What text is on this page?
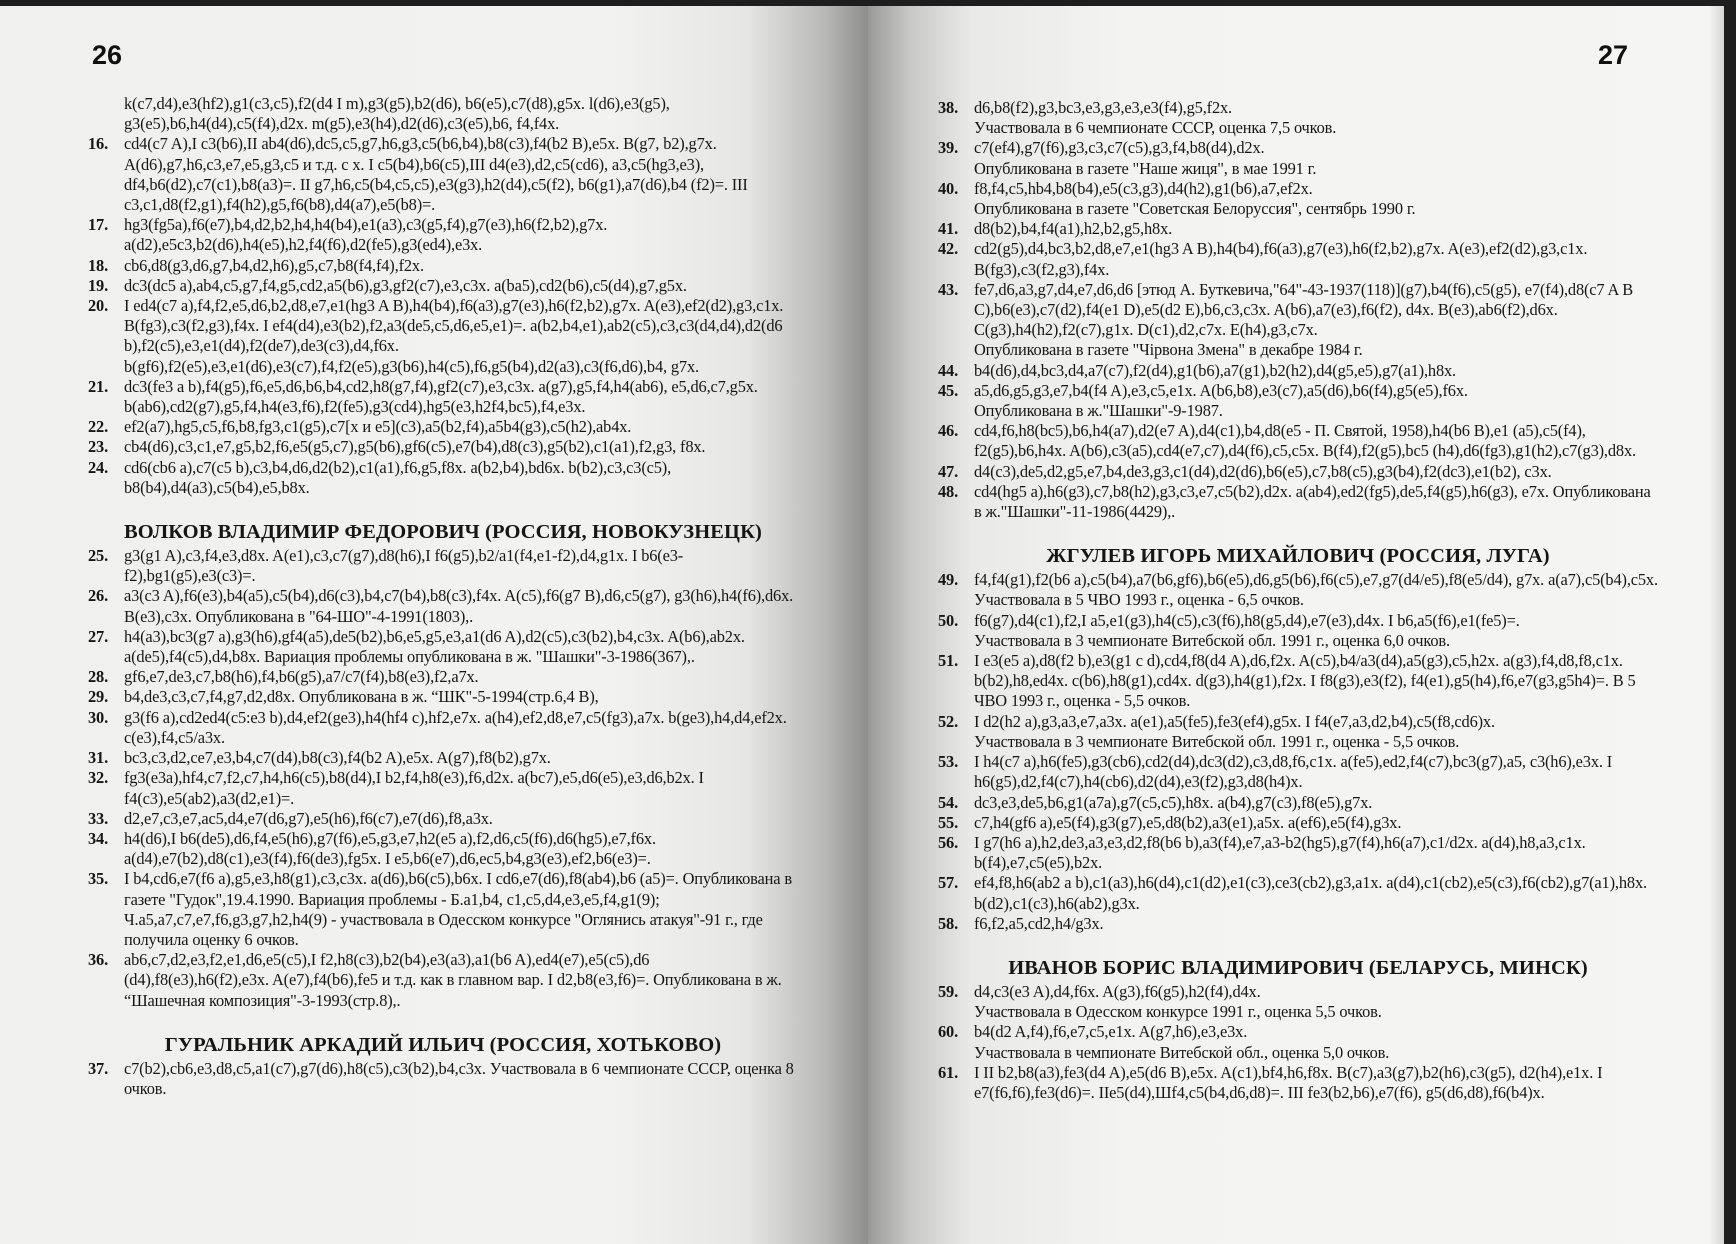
26
k(c7,d4),e3(hf2),g1(c3,c5),f2(d4 I m),g3(g5),b2(d6), b6(e5),c7(d8),g5x. l(d6),e3(g5),
g3(e5),b6,h4(d4),c5(f4),d2x. m(g5),e3(h4),d2(d6),c3(e5),b6, f4,f4x.
16. cd4(c7 A),I c3(b6),II ab4(d6),dc5,c5,g7,h6,g3,c5(b6,b4),b8(c3),f4(b2 B),e5x. B(g7, b2),g7x. A(d6),g7,h6,c3,e7,e5,g3,c5 и т.д. с x. I c5(b4),b6(c5),III d4(e3),d2,c5(cd6), a3,c5(hg3,e3), df4,b6(d2),c7(c1),b8(a3)=. II g7,h6,c5(b4,c5,c5),e3(g3),h2(d4),c5(f2), b6(g1),a7(d6),b4 (f2)=. III c3,c1,d8(f2,g1),f4(h2),g5,f6(b8),d4(a7),e5(b8)=.
17. hg3(fg5a),f6(e7),b4,d2,b2,h4,h4(b4),e1(a3),c3(g5,f4),g7(e3),h6(f2,b2),g7x. a(d2),e5c3,b2(d6),h4(e5),h2,f4(f6),d2(fe5),g3(ed4),e3x.
18. cb6,d8(g3,d6,g7,b4,d2,h6),g5,c7,b8(f4,f4),f2x.
19. dc3(dc5 a),ab4,c5,g7,f4,g5,cd2,a5(b6),g3,gf2(c7),e3,c3x. a(ba5),cd2(b6),c5(d4),g7,g5x.
20. I ed4(c7 a),f4,f2,e5,d6,b2,d8,e7,e1(hg3 A B),h4(b4),f6(a3),g7(e3),h6(f2,b2),g7x. A(e3),ef2(d2),g3,c1x. B(fg3),c3(f2,g3),f4x. I ef4(d4),e3(b2),f2,a3(de5,c5,d6,e5,e1)=. a(b2,b4,e1),ab2(c5),c3,c3(d4,d4),d2(d6 b),f2(c5),e3,e1(d4),f2(de7),de3(c3),d4,f6x. b(gf6),f2(e5),e3,e1(d6),e3(c7),f4,f2(e5),g3(b6),h4(c5),f6,g5(b4),d2(a3),c3(f6,d6),b4, g7x.
21. dc3(fe3 a b),f4(g5),f6,e5,d6,b6,b4,cd2,h8(g7,f4),gf2(c7),e3,c3x. a(g7),g5,f4,h4(ab6), e5,d6,c7,g5x. b(ab6),cd2(g7),g5,f4,h4(e3,f6),f2(fe5),g3(cd4),hg5(e3,h2f4,bc5),f4,e3x.
22. ef2(a7),hg5,c5,f6,b8,fg3,c1(g5),c7[x и e5](c3),a5(b2,f4),a5b4(g3),c5(h2),ab4x.
23. cb4(d6),c3,c1,e7,g5,b2,f6,e5(g5,c7),g5(b6),gf6(c5),e7(b4),d8(c3),g5(b2),c1(a1),f2,g3, f8x.
24. cd6(cb6 a),c7(c5 b),c3,b4,d6,d2(b2),c1(a1),f6,g5,f8x. a(b2,b4),bd6x. b(b2),c3,c3(c5), b8(b4),d4(a3),c5(b4),e5,b8x.
ВОЛКОВ ВЛАДИМИР ФЕДОРОВИЧ (РОССИЯ, НОВОКУЗНЕЦК)
25. g3(g1 A),c3,f4,e3,d8x. A(e1),c3,c7(g7),d8(h6),I f6(g5),b2/a1(f4,e1-f2),d4,g1x. I b6(e3-f2),bg1(g5),e3(c3)=.
26. a3(c3 A),f6(e3),b4(a5),c5(b4),d6(c3),b4,c7(b4),b8(c3),f4x. A(c5),f6(g7 B),d6,c5(g7), g3(h6),h4(f6),d6x. B(e3),c3x. Опубликована в "64-ШО"-4-1991(1803),.
27. h4(a3),bc3(g7 a),g3(h6),gf4(a5),de5(b2),b6,e5,g5,e3,a1(d6 A),d2(c5),c3(b2),b4,c3x. A(b6),ab2x. a(de5),f4(c5),d4,b8x. Вариация проблемы опубликована в ж. "Шашки"-3-1986(367),.
28. gf6,e7,de3,c7,b8(h6),f4,b6(g5),a7/c7(f4),b8(e3),f2,a7x.
29. b4,de3,c3,c7,f4,g7,d2,d8x. Опубликована в ж. “ШК"-5-1994(стр.6,4 B),
30. g3(f6 a),cd2ed4(c5:e3 b),d4,ef2(ge3),h4(hf4 c),hf2,e7x. a(h4),ef2,d8,e7,c5(fg3),a7x. b(ge3),h4,d4,ef2x. c(e3),f4,c5/a3x.
31. bc3,c3,d2,ce7,e3,b4,c7(d4),b8(c3),f4(b2 A),e5x. A(g7),f8(b2),g7x.
32. fg3(e3a),hf4,c7,f2,c7,h4,h6(c5),b8(d4),I b2,f4,h8(e3),f6,d2x. a(bc7),e5,d6(e5),e3,d6,b2x. I f4(c3),e5(ab2),a3(d2,e1)=.
33. d2,e7,c3,e7,ac5,d4,e7(d6,g7),e5(h6),f6(c7),e7(d6),f8,a3x.
34. h4(d6),I b6(de5),d6,f4,e5(h6),g7(f6),e5,g3,e7,h2(e5 a),f2,d6,c5(f6),d6(hg5),e7,f6x. a(d4),e7(b2),d8(c1),e3(f4),f6(de3),fg5x. I e5,b6(e7),d6,ec5,b4,g3(e3),ef2,b6(e3)=.
35. I b4,cd6,e7(f6 a),g5,e3,h8(g1),c3,c3x. a(d6),b6(c5),b6x. I cd6,e7(d6),f8(ab4),b6 (a5)=. Опубликована в газете "Гудок",19.4.1990. Вариация проблемы - Б.a1,b4, c1,c5,d4,e3,e5,f4,g1(9); Ч.a5,a7,c7,e7,f6,g3,g7,h2,h4(9) - участвовала в Одесском конкурсе "Оглянись атакуя"-91 г., где получила оценку 6 очков.
36. ab6,c7,d2,e3,f2,e1,d6,e5(c5),I f2,h8(c3),b2(b4),e3(a3),a1(b6 A),ed4(e7),e5(c5),d6 (d4),f8(e3),h6(f2),e3x. A(e7),f4(b6),fe5 и т.д. как в главном вар. I d2,b8(e3,f6)=. Опубликована в ж. “Шашечная композиция"-3-1993(стр.8),.
ГУРАЛЬНИК АРКАДИЙ ИЛЬИЧ (РОССИЯ, ХОТЬКОВО)
37. c7(b2),cb6,e3,d8,c5,a1(c7),g7(d6),h8(c5),c3(b2),b4,c3x. Участвовала в 6 чемпионате СССР, оценка 8 очков.
27
38. d6,b8(f2),g3,bc3,e3,g3,e3,e3(f4),g5,f2x.
Участвовала в 6 чемпионате СССР, оценка 7,5 очков.
39. c7(ef4),g7(f6),g3,c3,c7(c5),g3,f4,b8(d4),d2x.
Опубликована в газете "Наше жиця", в мае 1991 г.
40. f8,f4,c5,hb4,b8(b4),e5(c3,g3),d4(h2),g1(b6),a7,ef2x.
Опубликована в газете "Советская Белоруссия", сентябрь 1990 г.
41. d8(b2),b4,f4(a1),h2,b2,g5,h8x.
42. cd2(g5),d4,bc3,b2,d8,e7,e1(hg3 A B),h4(b4),f6(a3),g7(e3),h6(f2,b2),g7x. A(e3),ef2(d2),g3,c1x. B(fg3),c3(f2,g3),f4x.
43. fe7,d6,a3,g7,d4,e7,d6,d6 [этюд А. Буткевича,"64"-43-1937(118)](g7),b4(f6),c5(g5), e7(f4),d8(c7 A B C),b6(e3),c7(d2),f4(e1 D),e5(d2 E),b6,c3,c3x. A(b6),a7(e3),f6(f2), d4x. B(e3),ab6(f2),d6x. C(g3),h4(h2),f2(c7),g1x. D(c1),d2,c7x. E(h4),g3,c7x.
Опубликована в газете "Чірвона Змена" в декабре 1984 г.
44. b4(d6),d4,bc3,d4,a7(c7),f2(d4),g1(b6),a7(g1),b2(h2),d4(g5,e5),g7(a1),h8x.
45. a5,d6,g5,g3,e7,b4(f4 A),e3,c5,e1x. A(b6,b8),e3(c7),a5(d6),b6(f4),g5(e5),f6x.
Опубликована в ж."Шашки"-9-1987.
46. cd4,f6,h8(bc5),b6,h4(a7),d2(e7 A),d4(c1),b4,d8(e5 - П. Святой, 1958),h4(b6 B),e1 (a5),c5(f4), f2(g5),b6,h4x. A(b6),c3(a5),cd4(e7,c7),d4(f6),c5,c5x. B(f4),f2(g5),bc5 (h4),d6(fg3),g1(h2),c7(g3),d8x.
47. d4(c3),de5,d2,g5,e7,b4,de3,g3,c1(d4),d2(d6),b6(e5),c7,b8(c5),g3(b4),f2(dc3),e1(b2), c3x.
48. cd4(hg5 a),h6(g3),c7,b8(h2),g3,c3,e7,c5(b2),d2x. a(ab4),ed2(fg5),de5,f4(g5),h6(g3), e7x. Опубликована в ж."Шашки"-11-1986(4429),.
ЖГУЛЕВ ИГОРЬ МИХАЙЛОВИЧ (РОССИЯ, ЛУГА)
49. f4,f4(g1),f2(b6 a),c5(b4),a7(b6,gf6),b6(e5),d6,g5(b6),f6(c5),e7,g7(d4/e5),f8(e5/d4), g7x. a(a7),c5(b4),c5x. Участвовала в 5 ЧВО 1993 г., оценка - 6,5 очков.
50. f6(g7),d4(c1),f2,I a5,e1(g3),h4(c5),c3(f6),h8(g5,d4),e7(e3),d4x. I b6,a5(f6),e1(fe5)=.
Участвовала в 3 чемпионате Витебской обл. 1991 г., оценка 6,0 очков.
51. I e3(e5 a),d8(f2 b),e3(g1 c d),cd4,f8(d4 A),d6,f2x. A(c5),b4/a3(d4),a5(g3),c5,h2x. a(g3),f4,d8,f8,c1x. b(b2),h8,ed4x. c(b6),h8(g1),cd4x. d(g3),h4(g1),f2x. I f8(g3),e3(f2), f4(e1),g5(h4),f6,e7(g3,g5h4)=. В 5 ЧВО 1993 г., оценка - 5,5 очков.
52. I d2(h2 a),g3,a3,e7,a3x. a(e1),a5(fe5),fe3(ef4),g5x. I f4(e7,a3,d2,b4),c5(f8,cd6)x.
Участвовала в 3 чемпионате Витебской обл. 1991 г., оценка - 5,5 очков.
53. I h4(c7 a),h6(fe5),g3(cb6),cd2(d4),dc3(d2),c3,d8,f6,c1x. a(fe5),ed2,f4(c7),bc3(g7),a5, c3(h6),e3x. I h6(g5),d2,f4(c7),h4(cb6),d2(d4),e3(f2),g3,d8(h4)x.
54. dc3,e3,de5,b6,g1(a7a),g7(c5,c5),h8x. a(b4),g7(c3),f8(e5),g7x.
55. c7,h4(gf6 a),e5(f4),g3(g7),e5,d8(b2),a3(e1),a5x. a(ef6),e5(f4),g3x.
56. I g7(h6 a),h2,de3,a3,e3,d2,f8(b6 b),a3(f4),e7,a3-b2(hg5),g7(f4),h6(a7),c1/d2x. a(d4),h8,a3,c1x. b(f4),e7,c5(e5),b2x.
57. ef4,f8,h6(ab2 a b),c1(a3),h6(d4),c1(d2),e1(c3),ce3(cb2),g3,a1x. a(d4),c1(cb2),e5(c3),f6(cb2),g7(a1),h8x. b(d2),c1(c3),h6(ab2),g3x.
58. f6,f2,a5,cd2,h4/g3x.
ИВАНОВ БОРИС ВЛАДИМИРОВИЧ (БЕЛАРУСЬ, МИНСК)
59. d4,c3(e3 A),d4,f6x. A(g3),f6(g5),h2(f4),d4x.
Участвовала в Одесском конкурсе 1991 г., оценка 5,5 очков.
60. b4(d2 A,f4),f6,e7,c5,e1x. A(g7,h6),e3,e3x.
Участвовала в чемпионате Витебской обл., оценка 5,0 очков.
61. I II b2,b8(a3),fe3(d4 A),e5(d6 B),e5x. A(c1),bf4,h6,f8x. B(c7),a3(g7),b2(h6),c3(g5), d2(h4),e1x. I e7(f6,f6),fe3(d6)=. IIe5(d4),Шf4,c5(b4,d6,d8)=. III fe3(b2,b6),e7(f6), g5(d6,d8),f6(b4)x.
